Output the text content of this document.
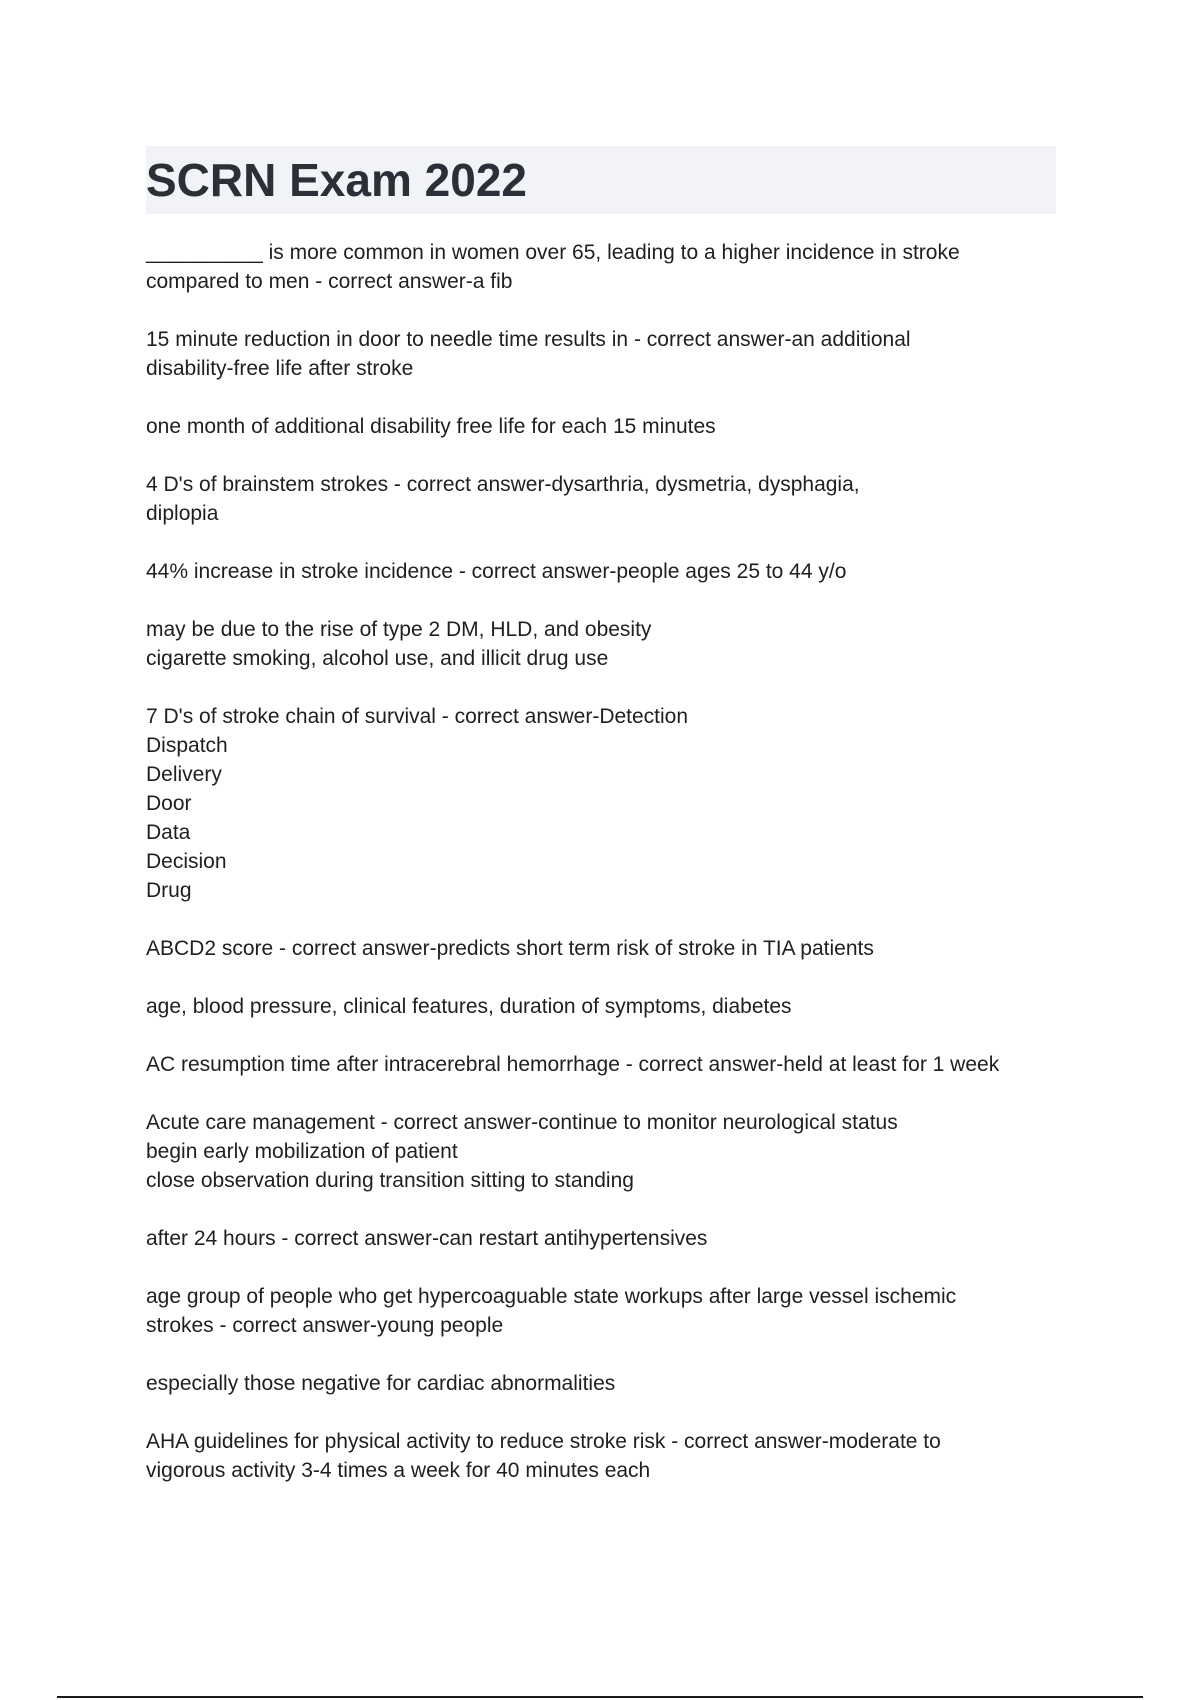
SCRN Exam 2022
__________ is more common in women over 65, leading to a higher incidence in stroke
compared to men - correct answer-a fib
15 minute reduction in door to needle time results in - correct answer-an additional
disability-free life after stroke
one month of additional disability free life for each 15 minutes
4 D's of brainstem strokes - correct answer-dysarthria, dysmetria, dysphagia,
diplopia
44% increase in stroke incidence - correct answer-people ages 25 to 44 y/o
may be due to the rise of type 2 DM, HLD, and obesity
cigarette smoking, alcohol use, and illicit drug use
7 D's of stroke chain of survival - correct answer-Detection
Dispatch
Delivery
Door
Data
Decision
Drug
ABCD2 score - correct answer-predicts short term risk of stroke in TIA patients
age, blood pressure, clinical features, duration of symptoms, diabetes
AC resumption time after intracerebral hemorrhage - correct answer-held at least for 1 week
Acute care management - correct answer-continue to monitor neurological status
begin early mobilization of patient
close observation during transition sitting to standing
after 24 hours - correct answer-can restart antihypertensives
age group of people who get hypercoaguable state workups after large vessel ischemic
strokes - correct answer-young people
especially those negative for cardiac abnormalities
AHA guidelines for physical activity to reduce stroke risk - correct answer-moderate to
vigorous activity 3-4 times a week for 40 minutes each
